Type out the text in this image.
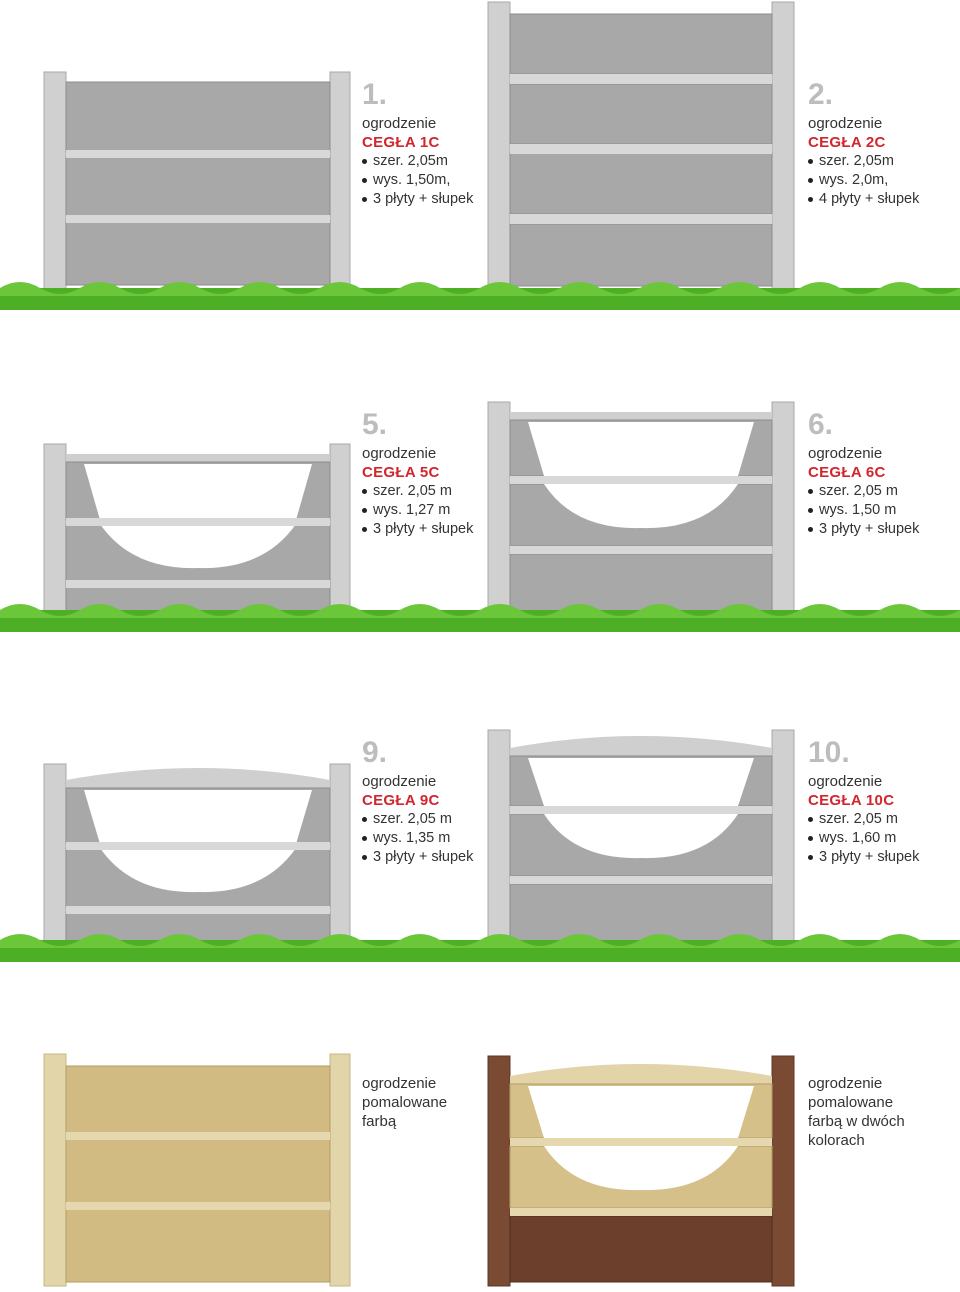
1.
ogrodzenie
CEGŁA 1C
szer. 2,05m
wys. 1,50m,
3 płyty + słupek
2.
ogrodzenie
CEGŁA 2C
szer. 2,05m
wys. 2,0m,
4 płyty + słupek
5.
ogrodzenie
CEGŁA 5C
szer. 2,05 m
wys. 1,27 m
3 płyty + słupek
6.
ogrodzenie
CEGŁA 6C
szer. 2,05 m
wys. 1,50 m
3 płyty + słupek
9.
ogrodzenie
CEGŁA 9C
szer. 2,05 m
wys. 1,35 m
3 płyty + słupek
10.
ogrodzenie
CEGŁA 10C
szer. 2,05 m
wys. 1,60 m
3 płyty + słupek
ogrodzenie
pomalowane
farbą
ogrodzenie
pomalowane
farbą w dwóch
kolorach
